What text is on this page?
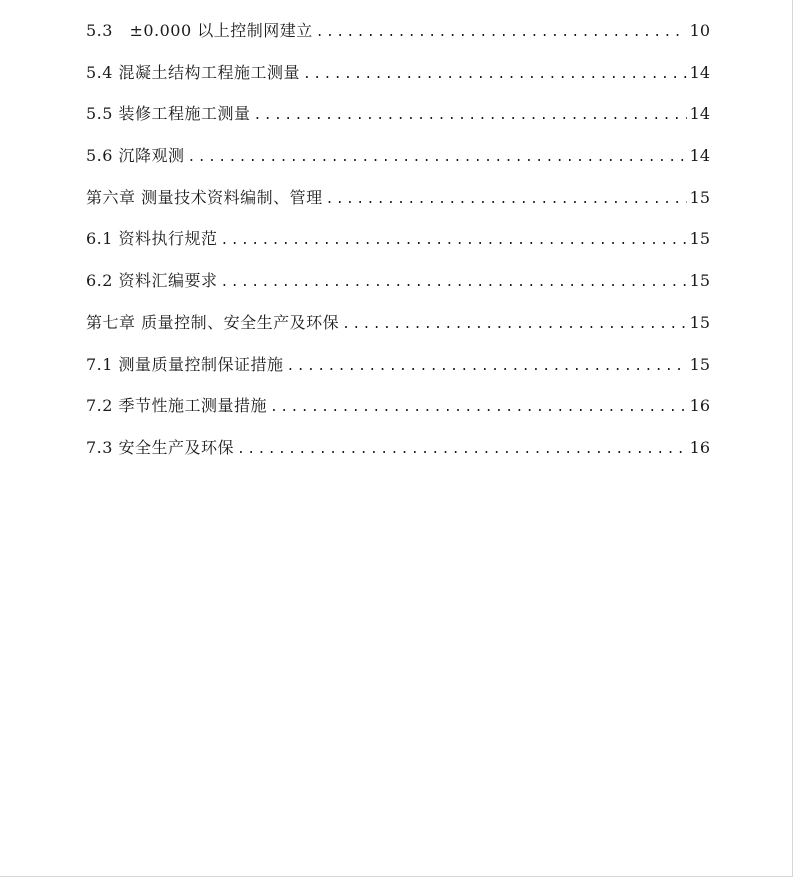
5.3　±0.000 以上控制网建立 .....	10
5.4 混凝土结构工程施工测量 .....	14
5.5 装修工程施工测量 .....	14
5.6 沉降观测 .....	14
第六章 测量技术资料编制、管理 .....	15
6.1 资料执行规范 .....	15
6.2 资料汇编要求 .....	15
第七章 质量控制、安全生产及环保 .....	15
7.1 测量质量控制保证措施 .....	15
7.2 季节性施工测量措施 .....	16
7.3 安全生产及环保 .....	16
